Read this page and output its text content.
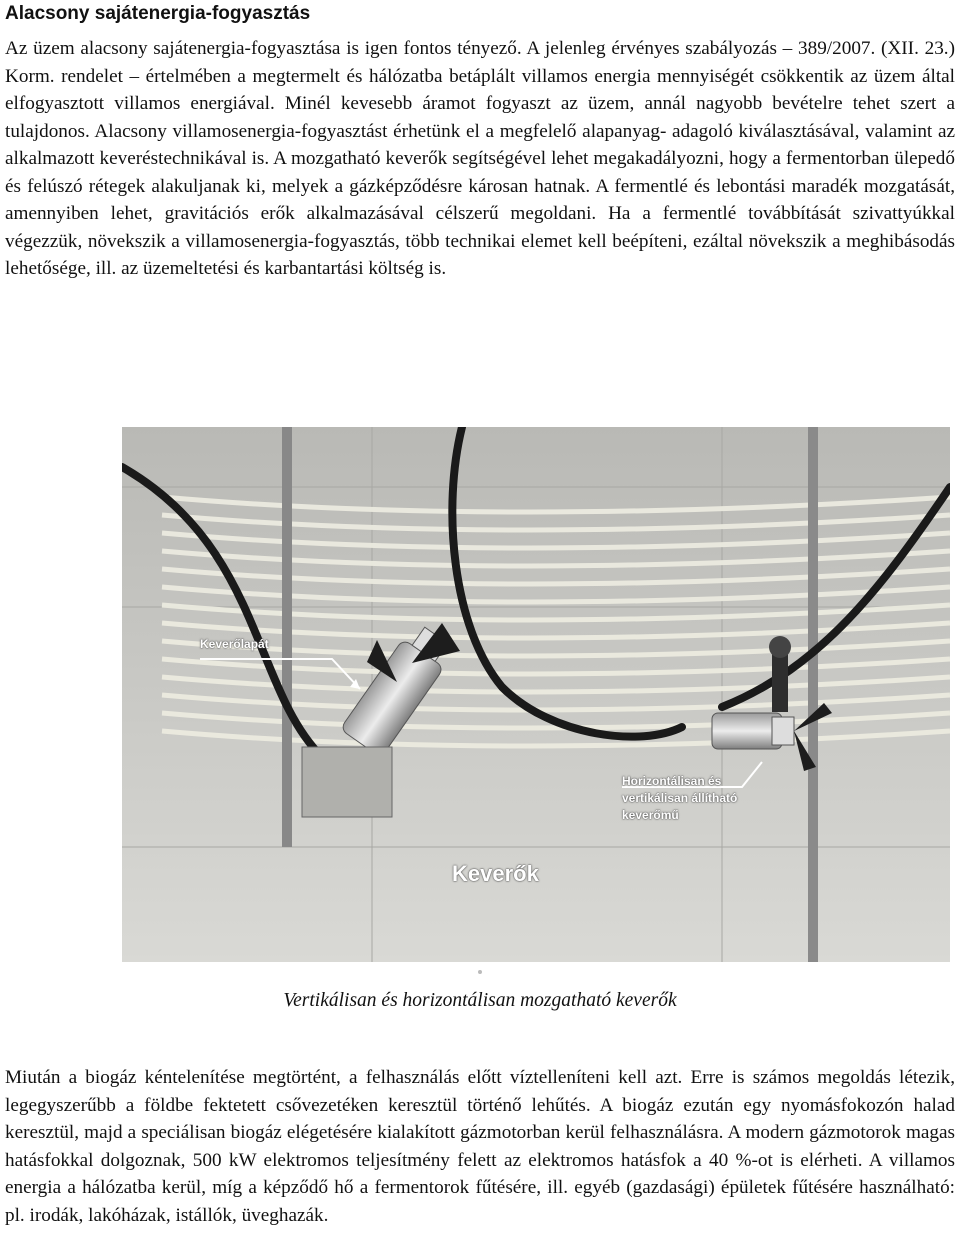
Alacsony sajátenergia-fogyasztás

Az üzem alacsony sajátenergia-fogyasztása is igen fontos tényező. A jelenleg érvényes szabályozás – 389/2007. (XII. 23.) Korm. rendelet – értelmében a megtermelt és hálózatba betáplált villamos energia mennyiségét csökkentik az üzem által elfogyasztott villamos energiával. Minél kevesebb áramot fogyaszt az üzem, annál nagyobb bevételre tehet szert a tulajdonos. Alacsony villamosenergia-fogyasztást érhetünk el a megfelelő alapanyag- adagoló kiválasztásával, valamint az alkalmazott keveréstechnikával is. A mozgatható keverők segítségével lehet megakadályozni, hogy a fermentorban ülepedő és felúszó rétegek alakuljanak ki, melyek a gázképződésre károsan hatnak. A fermentlé és lebontási maradék mozgatását, amennyiben lehet, gravitációs erők alkalmazásával célszerű megoldani. Ha a fermentlé továbbítását szivattyúkkal végezzük, növekszik a villamosenergia-fogyasztás, több technikai elemet kell beépíteni, ezáltal növekszik a meghibásodás lehetősége, ill. az üzemeltetési és karbantartási költség is.

Keverőlapát
Horizontálisan és vertikálisan állítható keverőmű
Keverők

Vertikálisan és horizontálisan mozgatható keverők

Miután a biogáz kéntelenítése megtörtént, a felhasználás előtt víztelleníteni kell azt. Erre is számos megoldás létezik, legegyszerűbb a földbe fektetett csővezetéken keresztül történő lehűtés. A biogáz ezután egy nyomásfokozón halad keresztül, majd a speciálisan biogáz elégetésére kialakított gázmotorban kerül felhasználásra. A modern gázmotorok magas hatásfokkal dolgoznak, 500 kW elektromos teljesítmény felett az elektromos hatásfok a 40 %-ot is elérheti. A villamos energia a hálózatba kerül, míg a képződő hő a fermentorok fűtésére, ill. egyéb (gazdasági) épületek fűtésére használható: pl. irodák, lakóházak, istállók, üveghazák.
